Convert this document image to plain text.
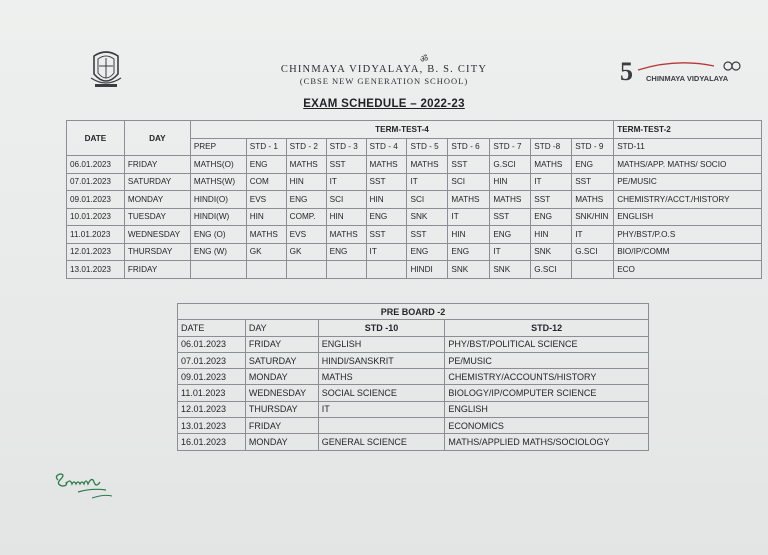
ॐ
CHINMAYA VIDYALAYA, B. S. CITY
(CBSE NEW GENERATION SCHOOL)	5 CHINMAYA VIDYALAYA
EXAM SCHEDULE – 2022-23
DATE	DAY	TERM-TEST-4										TERM-TEST-2
		PREP	STD - 1	STD - 2	STD - 3	STD - 4	STD - 5	STD - 6	STD - 7	STD -8	STD - 9	STD-11
06.01.2023	FRIDAY	MATHS(O)	ENG	MATHS	SST	MATHS	MATHS	SST	G.SCI	MATHS	ENG	MATHS/APP. MATHS/ SOCIO
07.01.2023	SATURDAY	MATHS(W)	COM	HIN	IT	SST	IT	SCI	HIN	IT	SST	PE/MUSIC
09.01.2023	MONDAY	HINDI(O)	EVS	ENG	SCI	HIN	SCI	MATHS	MATHS	SST	MATHS	CHEMISTRY/ACCT./HISTORY
10.01.2023	TUESDAY	HINDI(W)	HIN	COMP.	HIN	ENG	SNK	IT	SST	ENG	SNK/HIN	ENGLISH
11.01.2023	WEDNESDAY	ENG (O)	MATHS	EVS	MATHS	SST	SST	HIN	ENG	HIN	IT	PHY/BST/P.O.S
12.01.2023	THURSDAY	ENG (W)	GK	GK	ENG	IT	ENG	ENG	IT	SNK	G.SCI	BIO/IP/COMM
13.01.2023	FRIDAY						HINDI	SNK	SNK	G.SCI		ECO
PRE BOARD -2			
DATE	DAY	STD -10	STD-12
06.01.2023	FRIDAY	ENGLISH	PHY/BST/POLITICAL SCIENCE
07.01.2023	SATURDAY	HINDI/SANSKRIT	PE/MUSIC
09.01.2023	MONDAY	MATHS	CHEMISTRY/ACCOUNTS/HISTORY
11.01.2023	WEDNESDAY	SOCIAL SCIENCE	BIOLOGY/IP/COMPUTER SCIENCE
12.01.2023	THURSDAY	IT	ENGLISH
13.01.2023	FRIDAY		ECONOMICS
16.01.2023	MONDAY	GENERAL SCIENCE	MATHS/APPLIED MATHS/SOCIOLOGY
